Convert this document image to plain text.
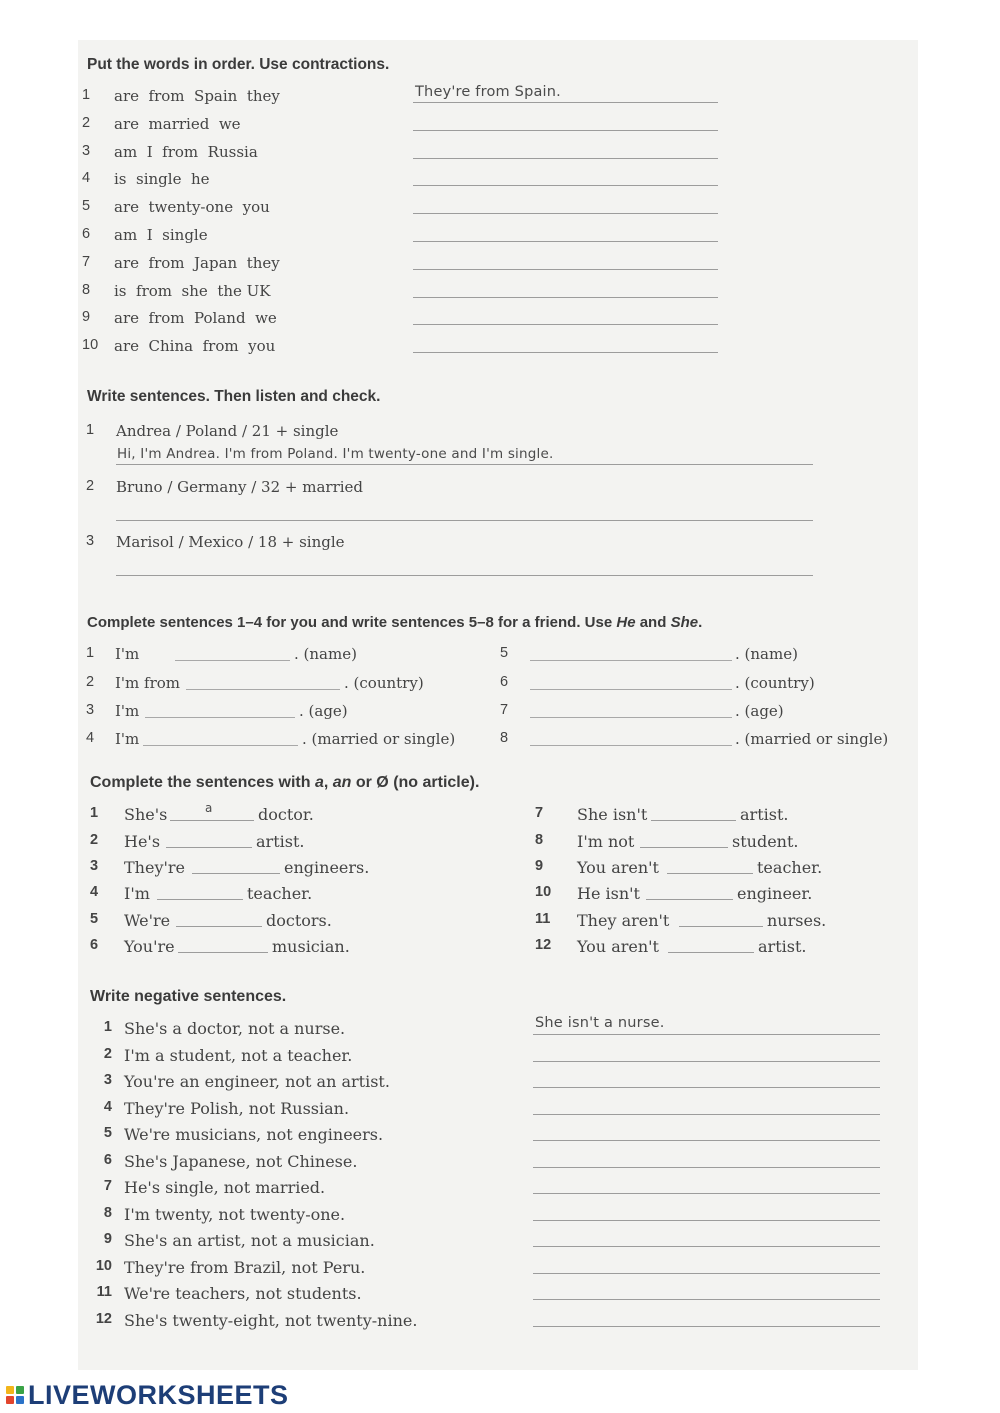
Put the words in order. Use contractions.
1	are  from  Spain  they	They're from Spain.
2	are  married  we
3	am  I  from  Russia
4	is  single  he
5	are  twenty-one  you
6	am  I  single
7	are  from  Japan  they
8	is  from  she  the UK
9	are  from  Poland  we
10	are  China  from  you
Write sentences. Then listen and check.
1	Andrea / Poland / 21 + single
Hi, I'm Andrea. I'm from Poland. I'm twenty-one and I'm single.
2	Bruno / Germany / 32 + married
3	Marisol / Mexico / 18 + single
Complete sentences 1–4 for you and write sentences 5–8 for a friend. Use He and She.
1	I'm	. (name)
2	I'm from	. (country)
3	I'm	. (age)
4	I'm	. (married or single)
5	. (name)
6	. (country)
7	. (age)
8	. (married or single)
Complete the sentences with a, an or Ø (no article).
1	She's	a	doctor.
2	He's	artist.
3	They're	engineers.
4	I'm	teacher.
5	We're	doctors.
6	You're	musician.
7	She isn't	artist.
8	I'm not	student.
9	You aren't	teacher.
10	He isn't	engineer.
11	They aren't	nurses.
12	You aren't	artist.
Write negative sentences.
1 She's a doctor, not a nurse.	She isn't a nurse.
2 I'm a student, not a teacher.
3 You're an engineer, not an artist.
4 They're Polish, not Russian.
5 We're musicians, not engineers.
6 She's Japanese, not Chinese.
7 He's single, not married.
8 I'm twenty, not twenty-one.
9 She's an artist, not a musician.
10 They're from Brazil, not Peru.
11 We're teachers, not students.
12 She's twenty-eight, not twenty-nine.
LIVEWORKSHEETS
